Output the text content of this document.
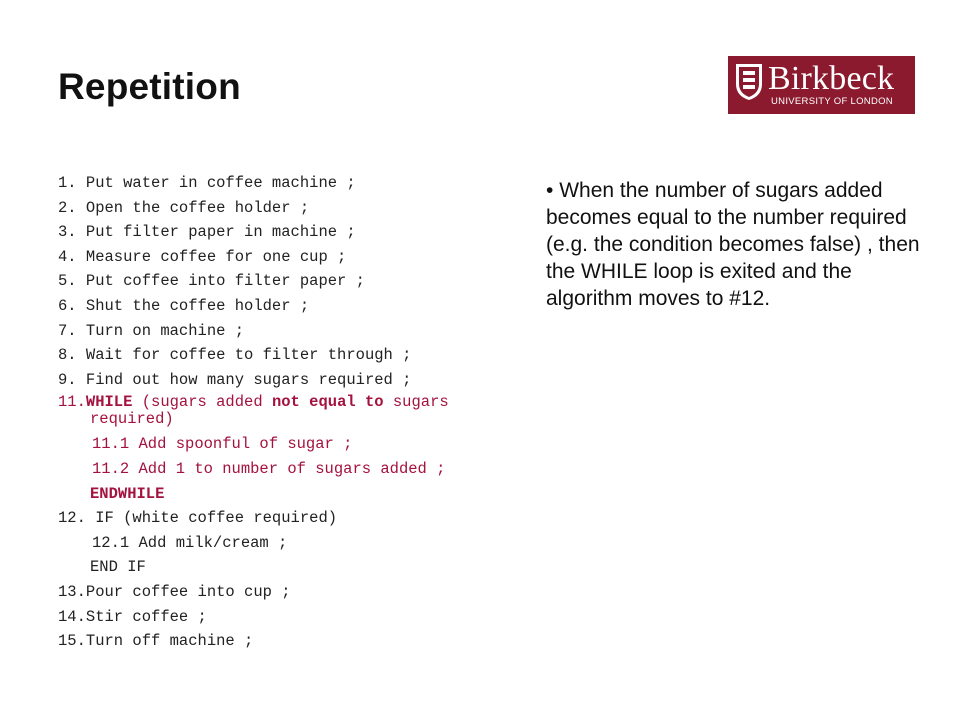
Repetition	Birkbeck
UNIVERSITY OF LONDON
1. Put water in coffee machine ;
2. Open the coffee holder ;
3. Put filter paper in machine ;
4. Measure coffee for one cup ;
5. Put coffee into filter paper ;
6. Shut the coffee holder ;
7. Turn on machine ;
8. Wait for coffee to filter through ;
9. Find out how many sugars required ;
11.WHILE (sugars added not equal to sugars
required)
11.1 Add spoonful of sugar ;
11.2 Add 1 to number of sugars added ;
ENDWHILE
12. IF (white coffee required)
12.1 Add milk/cream ;
END IF
13.Pour coffee into cup ;
14.Stir coffee ;
15.Turn off machine ;
• When the number of sugars added becomes equal to the number required (e.g. the condition becomes false) , then the WHILE loop is exited and the algorithm moves to #12.
